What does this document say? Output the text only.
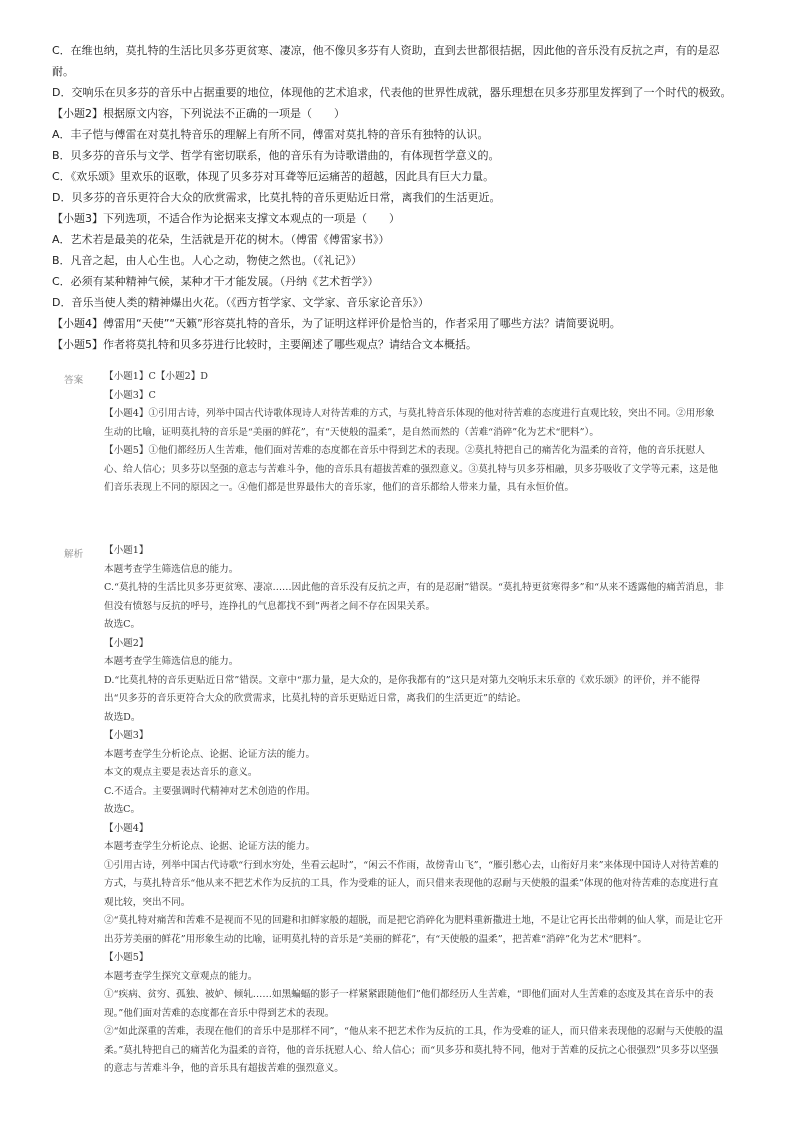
C．在维也纳，莫扎特的生活比贝多芬更贫寒、凄凉，他不像贝多芬有人资助，直到去世都很拮据，因此他的音乐没有反抗之声，有的是忍
耐。
D．交响乐在贝多芬的音乐中占据重要的地位，体现他的艺术追求，代表他的世界性成就，器乐理想在贝多芬那里发挥到了一个时代的极致。
【小题2】根据原文内容，下列说法不正确的一项是（　　）
A．丰子恺与傅雷在对莫扎特音乐的理解上有所不同，傅雷对莫扎特的音乐有独特的认识。
B．贝多芬的音乐与文学、哲学有密切联系，他的音乐有为诗歌谱曲的，有体现哲学意义的。
C．《欢乐颂》里欢乐的讴歌，体现了贝多芬对耳聋等厄运痛苦的超越，因此具有巨大力量。
D．贝多芬的音乐更符合大众的欣赏需求，比莫扎特的音乐更贴近日常，离我们的生活更近。
【小题3】下列选项，不适合作为论据来支撑文本观点的一项是（　　）
A．艺术若是最美的花朵，生活就是开花的树木。（傅雷《傅雷家书》）
B．凡音之起，由人心生也。人心之动，物使之然也。（《礼记》）
C．必须有某种精神气候，某种才干才能发展。（丹纳《艺术哲学》）
D．音乐当使人类的精神爆出火花。（《西方哲学家、文学家、音乐家论音乐》）
【小题4】傅雷用“天使”“天籁”形容莫扎特的音乐，为了证明这样评价是恰当的，作者采用了哪些方法？请简要说明。
【小题5】作者将莫扎特和贝多芬进行比较时，主要阐述了哪些观点？请结合文本概括。
答案 【小题1】C【小题2】D

【小题3】C

【小题4】①引用古诗，列举中国古代诗歌体现诗人对待苦难的方式，与莫扎特音乐体现的他对待苦难的态度进行直观比较，突出不同。②用形象生动的比喻，证明莫扎特的音乐是“美丽的鲜花”，有“天使般的温柔”，是自然而然的（苦难“消碎”化为艺术“肥料”）。

【小题5】①他们都经历人生苦难，他们面对苦难的态度都在音乐中得到艺术的表现。②莫扎特把自己的痛苦化为温柔的音符，他的音乐抚慰人心、给人信心；贝多芬以坚强的意志与苦难斗争，他的音乐具有超拔苦难的强烈意义。③莫扎特与贝多芬相融，贝多芬吸收了文学等元素，这是他们音乐表现上不同的原因之一。④他们都是世界最伟大的音乐家，他们的音乐都给人带来力量，具有永恒价值。

解析 【小题1】

本题考查学生筛选信息的能力。

C.“莫扎特的生活比贝多芬更贫寒、凄凉……因此他的音乐没有反抗之声，有的是忍耐”错误。“莫扎特更贫寒得多”和“从来不透露他的痛苦消息，非但没有愤怒与反抗的呼号，连挣扎的气息都找不到”两者之间不存在因果关系。

故选C。

【小题2】

本题考查学生筛选信息的能力。

D.“比莫扎特的音乐更贴近日常”错误。文章中“那力量，是大众的，是你我都有的”这只是对第九交响乐末乐章的《欢乐颂》的评价，并不能得出“贝多芬的音乐更符合大众的欣赏需求，比莫扎特的音乐更贴近日常，离我们的生活更近”的结论。

故选D。

【小题3】

本题考查学生分析论点、论据、论证方法的能力。

本文的观点主要是表达音乐的意义。

C.不适合。主要强调时代精神对艺术创造的作用。

故选C。

【小题4】

本题考查学生分析论点、论据、论证方法的能力。

①引用古诗，列举中国古代诗歌“行到水穷处，坐看云起时”，“闲云不作雨，故傍青山飞”，“雁引愁心去，山衔好月来”来体现中国诗人对待苦难的方式，与莫扎特音乐“他从来不把艺术作为反抗的工具，作为受难的证人，而只借来表现他的忍耐与天使般的温柔”体现的他对待苦难的态度进行直观比较，突出不同。

②“莫扎特对痛苦和苦难不是视而不见的回避和扣鲜家般的超脱，而是把它消碎化为肥料重新撒进土地，不是让它再长出带刺的仙人掌，而是让它开出芬芳美丽的鲜花”用形象生动的比喻，证明莫扎特的音乐是“美丽的鲜花”，有“天使般的温柔”，把苦难“消碎”化为艺术“肥料”。

【小题5】

本题考查学生探究文章观点的能力。

①“疾病、贫穷、孤独、被妒、倾轧……如黑蝙蝠的影子一样紧紧跟随他们”他们都经历人生苦难，“即他们面对人生苦难的态度及其在音乐中的表现。”他们面对苦难的态度都在音乐中得到艺术的表现。

②“如此深重的苦难，表现在他们的音乐中是那样不同”，“他从来不把艺术作为反抗的工具，作为受难的证人，而只借来表现他的忍耐与天使般的温柔。”莫扎特把自己的痛苦化为温柔的音符，他的音乐抚慰人心、给人信心；而“贝多芬和莫扎特不同，他对于苦难的反抗之心很强烈”贝多芬以坚强的意志与苦难斗争，他的音乐具有超拔苦难的强烈意义。
